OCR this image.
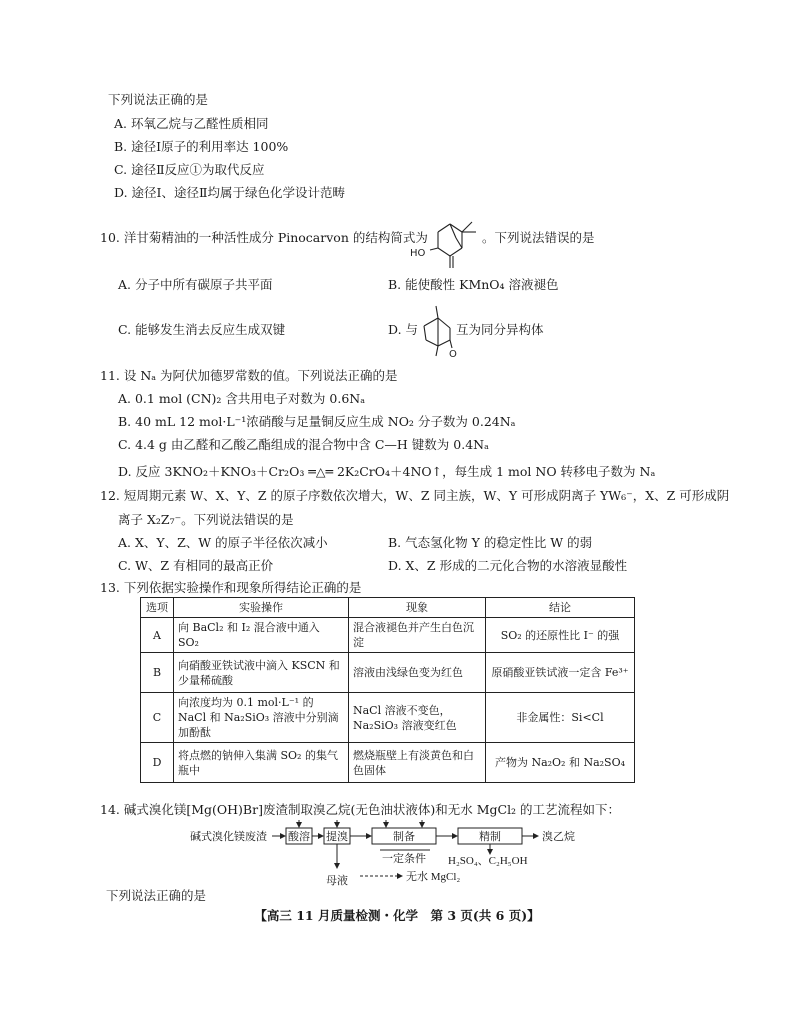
下列说法正确的是
A. 环氧乙烷与乙醛性质相同
B. 途径Ⅰ原子的利用率达 100%
C. 途径Ⅱ反应①为取代反应
D. 途径Ⅰ、途径Ⅱ均属于绿色化学设计范畴
10. 洋甘菊精油的一种活性成分 Pinocarvon 的结构简式为
HO
。下列说法错误的是
A. 分子中所有碳原子共平面	B. 能使酸性 KMnO₄ 溶液褪色
C. 能够发生消去反应生成双键	D. 与
O
互为同分异构体
11. 设 Nₐ 为阿伏加德罗常数的值。下列说法正确的是
A. 0.1 mol (CN)₂ 含共用电子对数为 0.6Nₐ
B. 40 mL 12 mol·L⁻¹浓硝酸与足量铜反应生成 NO₂ 分子数为 0.24Nₐ
C. 4.4 g 由乙醛和乙酸乙酯组成的混合物中含 C—H 键数为 0.4Nₐ
D. 反应 3KNO₂＋KNO₃＋Cr₂O₃ ═△═ 2K₂CrO₄＋4NO↑，每生成 1 mol NO 转移电子数为 Nₐ
12. 短周期元素 W、X、Y、Z 的原子序数依次增大，W、Z 同主族，W、Y 可形成阴离子 YW₆⁻，X、Z 可形成阴
离子 X₂Z₇⁻。下列说法错误的是
A. X、Y、Z、W 的原子半径依次减小	B. 气态氢化物 Y 的稳定性比 W 的弱
C. W、Z 有相同的最高正价	D. X、Z 形成的二元化合物的水溶液显酸性
13. 下列依据实验操作和现象所得结论正确的是
选项	实验操作	现象	结论
A	向 BaCl₂ 和 I₂ 混合液中通入 SO₂	混合液褪色并产生白色沉淀	SO₂ 的还原性比 I⁻ 的强
B	向硝酸亚铁试液中滴入 KSCN 和少量稀硫酸	溶液由浅绿色变为红色	原硝酸亚铁试液一定含 Fe³⁺
C	向浓度均为 0.1 mol·L⁻¹ 的 NaCl 和 Na₂SiO₃ 溶液中分别滴加酚酞	NaCl 溶液不变色，Na₂SiO₃ 溶液变红色	非金属性：Si<Cl
D	将点燃的钠伸入集满 SO₂ 的集气瓶中	燃烧瓶壁上有淡黄色和白色固体	产物为 Na₂O₂ 和 Na₂SO₄
14. 碱式溴化镁[Mg(OH)Br]废渣制取溴乙烷(无色油状液体)和无水 MgCl₂ 的工艺流程如下：
碱式溴化镁废渣 酸溶 提溴	制备	精制	溴乙烷
一定条件 H₂SO₄、C₂H₅OH
母液	无水 MgCl₂
下列说法正确的是
【高三 11 月质量检测・化学　第 3 页(共 6 页)】
